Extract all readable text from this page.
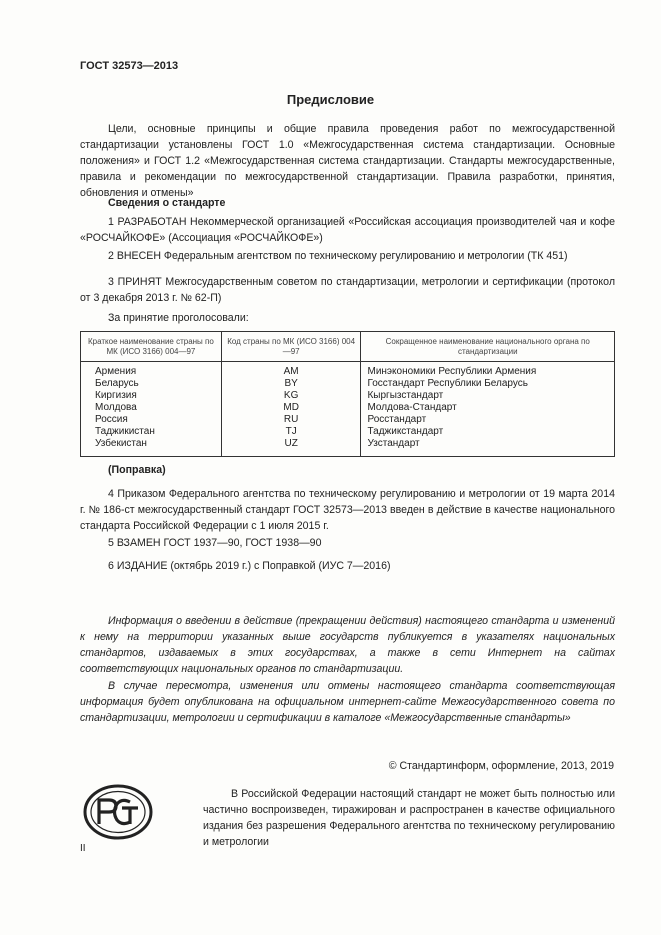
ГОСТ 32573—2013
Предисловие
Цели, основные принципы и общие правила проведения работ по межгосударственной стандартизации установлены ГОСТ 1.0 «Межгосударственная система стандартизации. Основные положения» и ГОСТ 1.2 «Межгосударственная система стандартизации. Стандарты межгосударственные, правила и рекомендации по межгосударственной стандартизации. Правила разработки, принятия, обновления и отмены»
Сведения о стандарте
1 РАЗРАБОТАН Некоммерческой организацией «Российская ассоциация производителей чая и кофе «РОСЧАЙКОФЕ» (Ассоциация «РОСЧАЙКОФЕ»)
2 ВНЕСЕН Федеральным агентством по техническому регулированию и метрологии (ТК 451)
3 ПРИНЯТ Межгосударственным советом по стандартизации, метрологии и сертификации (протокол от 3 декабря 2013 г. № 62-П)
За принятие проголосовали:
Краткое наименование страны по МК (ИСО 3166) 004—97	Код страны по МК (ИСО 3166) 004—97	Сокращенное наименование национального органа по стандартизации
Армения	AM	Минэкономики Республики Армения
Беларусь	BY	Госстандарт Республики Беларусь
Киргизия	KG	Кыргызстандарт
Молдова	MD	Молдова-Стандарт
Россия	RU	Росстандарт
Таджикистан	TJ	Таджикстандарт
Узбекистан	UZ	Узстандарт
(Поправка)
4 Приказом Федерального агентства по техническому регулированию и метрологии от 19 марта 2014 г. № 186-ст межгосударственный стандарт ГОСТ 32573—2013 введен в действие в качестве национального стандарта Российской Федерации с 1 июля 2015 г.
5 ВЗАМЕН ГОСТ 1937—90, ГОСТ 1938—90
6 ИЗДАНИЕ (октябрь 2019 г.) с Поправкой (ИУС 7—2016)
Информация о введении в действие (прекращении действия) настоящего стандарта и изменений к нему на территории указанных выше государств публикуется в указателях национальных стандартов, издаваемых в этих государствах, а также в сети Интернет на сайтах соответствующих национальных органов по стандартизации.
В случае пересмотра, изменения или отмены настоящего стандарта соответствующая информация будет опубликована на официальном интернет-сайте Межгосударственного совета по стандартизации, метрологии и сертификации в каталоге «Межгосударственные стандарты»
© Стандартинформ, оформление, 2013, 2019
В Российской Федерации настоящий стандарт не может быть полностью или частично воспроизведен, тиражирован и распространен в качестве официального издания без разрешения Федерального агентства по техническому регулированию и метрологии
II
